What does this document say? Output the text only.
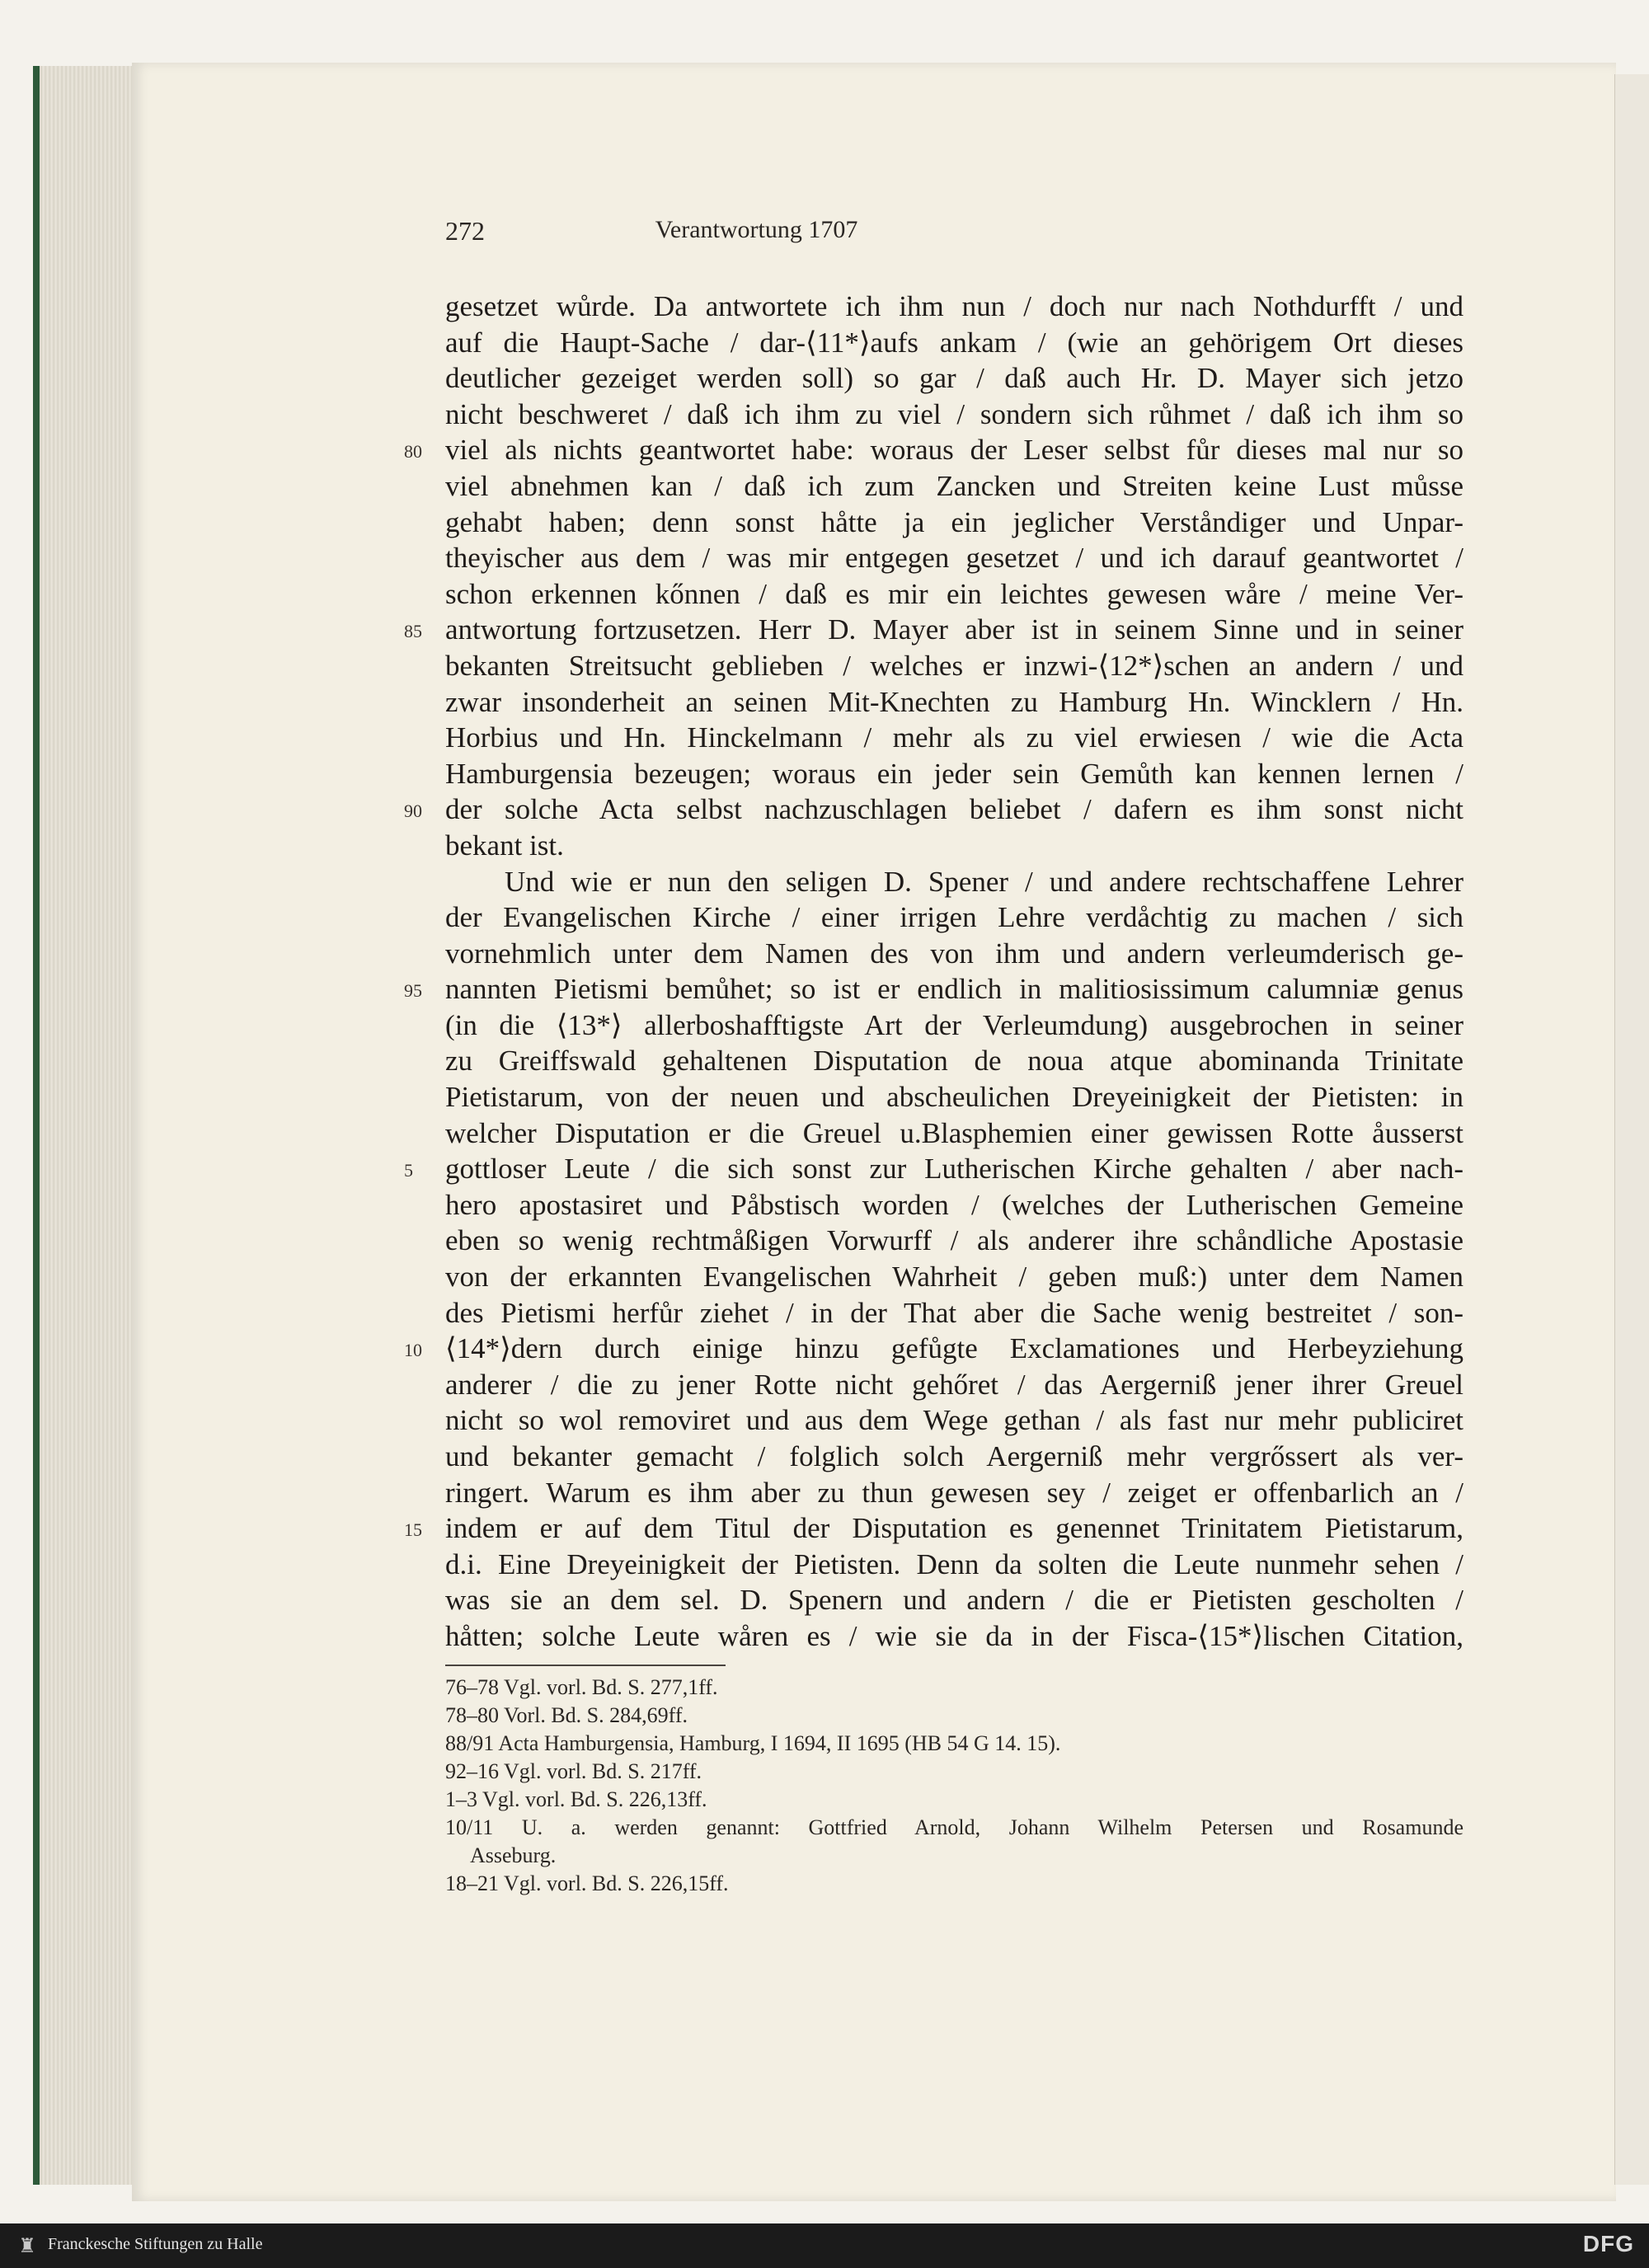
272	Verantwortung 1707
gesetzet wůrde. Da antwortete ich ihm nun / doch nur nach Nothdurfft / und
auf die Haupt-Sache / dar-⟨11*⟩aufs ankam / (wie an gehörigem Ort dieses
deutlicher gezeiget werden soll) so gar / daß auch Hr. D. Mayer sich jetzo
nicht beschweret / daß ich ihm zu viel / sondern sich růhmet / daß ich ihm so
viel als nichts geantwortet habe: woraus der Leser selbst fůr dieses mal nur so
80
viel abnehmen kan / daß ich zum Zancken und Streiten keine Lust můsse
gehabt haben; denn sonst håtte ja ein jeglicher Verståndiger und Unpar-
theyischer aus dem / was mir entgegen gesetzet / und ich darauf geantwortet /
schon erkennen kőnnen / daß es mir ein leichtes gewesen wåre / meine Ver-
antwortung fortzusetzen. Herr D. Mayer aber ist in seinem Sinne und in seiner
85
bekanten Streitsucht geblieben / welches er inzwi-⟨12*⟩schen an andern / und
zwar insonderheit an seinen Mit-Knechten zu Hamburg Hn. Wincklern / Hn.
Horbius und Hn. Hinckelmann / mehr als zu viel erwiesen / wie die Acta
Hamburgensia bezeugen; woraus ein jeder sein Gemůth kan kennen lernen /
der solche Acta selbst nachzuschlagen beliebet / dafern es ihm sonst nicht
90
bekant ist.
Und wie er nun den seligen D. Spener / und andere rechtschaffene Lehrer
der Evangelischen Kirche / einer irrigen Lehre verdåchtig zu machen / sich
vornehmlich unter dem Namen des von ihm und andern verleumderisch ge-
nannten Pietismi bemůhet; so ist er endlich in malitiosissimum calumniæ genus
95
(in die ⟨13*⟩ allerboshafftigste Art der Verleumdung) ausgebrochen in seiner
zu Greiffswald gehaltenen Disputation de noua atque abominanda Trinitate
Pietistarum, von der neuen und abscheulichen Dreyeinigkeit der Pietisten: in
welcher Disputation er die Greuel u.Blasphemien einer gewissen Rotte åusserst
gottloser Leute / die sich sonst zur Lutherischen Kirche gehalten / aber nach-
5
hero apostasiret und Påbstisch worden / (welches der Lutherischen Gemeine
eben so wenig rechtmåßigen Vorwurff / als anderer ihre schåndliche Apostasie
von der erkannten Evangelischen Wahrheit / geben muß:) unter dem Namen
des Pietismi herfůr ziehet / in der That aber die Sache wenig bestreitet / son-
⟨14*⟩dern durch einige hinzu gefůgte Exclamationes und Herbeyziehung
10
anderer / die zu jener Rotte nicht gehőret / das Aergerniß jener ihrer Greuel
nicht so wol removiret und aus dem Wege gethan / als fast nur mehr publiciret
und bekanter gemacht / folglich solch Aergerniß mehr vergrőssert als ver-
ringert. Warum es ihm aber zu thun gewesen sey / zeiget er offenbarlich an /
indem er auf dem Titul der Disputation es genennet Trinitatem Pietistarum,
15
d.i. Eine Dreyeinigkeit der Pietisten. Denn da solten die Leute nunmehr sehen /
was sie an dem sel. D. Spenern und andern / die er Pietisten gescholten /
håtten; solche Leute wåren es / wie sie da in der Fisca-⟨15*⟩lischen Citation,
76–78 Vgl. vorl. Bd. S. 277,1ff.
78–80 Vorl. Bd. S. 284,69ff.
88/91 Acta Hamburgensia, Hamburg, I 1694, II 1695 (HB 54 G 14. 15).
92–16 Vgl. vorl. Bd. S. 217ff.
1–3 Vgl. vorl. Bd. S. 226,13ff.
10/11 U. a. werden genannt: Gottfried Arnold, Johann Wilhelm Petersen und Rosamunde
Asseburg.
18–21 Vgl. vorl. Bd. S. 226,15ff.
♜ Franckesche Stiftungen zu Halle	DFG
